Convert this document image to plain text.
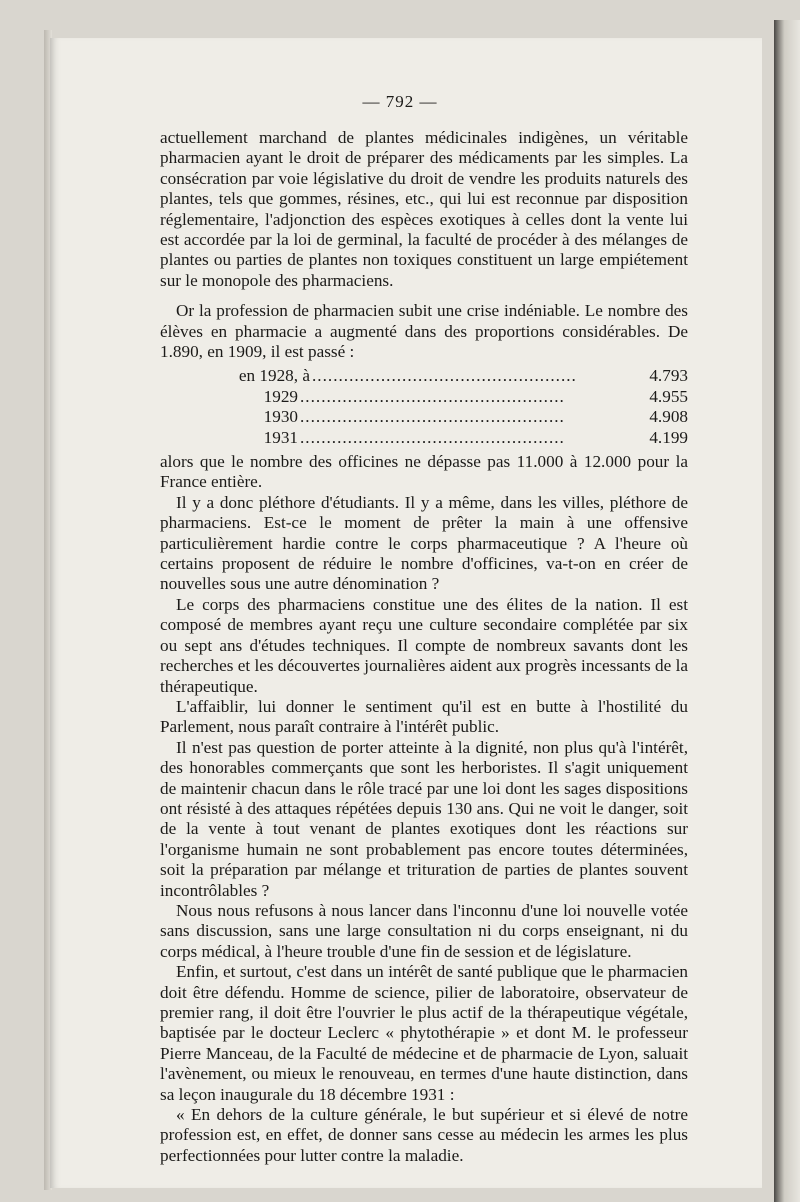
— 792 —

actuellement marchand de plantes médicinales indigènes, un véritable pharmacien ayant le droit de préparer des médicaments par les simples. La consécration par voie législative du droit de vendre les produits naturels des plantes, tels que gommes, résines, etc., qui lui est reconnue par disposition réglementaire, l'adjonction des espèces exotiques à celles dont la vente lui est accordée par la loi de germinal, la faculté de procéder à des mélanges de plantes ou parties de plantes non toxiques constituent un large empiétement sur le monopole des pharmaciens.

Or la profession de pharmacien subit une crise indéniable. Le nombre des élèves en pharmacie a augmenté dans des proportions considérables. De 1.890, en 1909, il est passé :

en 1928, à ..................................................	4.793
1929 ..................................................	4.955
1930 ..................................................	4.908
1931 ..................................................	4.199

alors que le nombre des officines ne dépasse pas 11.000 à 12.000 pour la France entière.

Il y a donc pléthore d'étudiants. Il y a même, dans les villes, pléthore de pharmaciens. Est-ce le moment de prêter la main à une offensive particulièrement hardie contre le corps pharmaceutique ? A l'heure où certains proposent de réduire le nombre d'officines, va-t-on en créer de nouvelles sous une autre dénomination ?

Le corps des pharmaciens constitue une des élites de la nation. Il est composé de membres ayant reçu une culture secondaire complétée par six ou sept ans d'études techniques. Il compte de nombreux savants dont les recherches et les découvertes journalières aident aux progrès incessants de la thérapeutique.

L'affaiblir, lui donner le sentiment qu'il est en butte à l'hostilité du Parlement, nous paraît contraire à l'intérêt public.

Il n'est pas question de porter atteinte à la dignité, non plus qu'à l'intérêt, des honorables commerçants que sont les herboristes. Il s'agit uniquement de maintenir chacun dans le rôle tracé par une loi dont les sages dispositions ont résisté à des attaques répétées depuis 130 ans. Qui ne voit le danger, soit de la vente à tout venant de plantes exotiques dont les réactions sur l'organisme humain ne sont probablement pas encore toutes déterminées, soit la préparation par mélange et trituration de parties de plantes souvent incontrôlables ?

Nous nous refusons à nous lancer dans l'inconnu d'une loi nouvelle votée sans discussion, sans une large consultation ni du corps enseignant, ni du corps médical, à l'heure trouble d'une fin de session et de législature.

Enfin, et surtout, c'est dans un intérêt de santé publique que le pharmacien doit être défendu. Homme de science, pilier de laboratoire, observateur de premier rang, il doit être l'ouvrier le plus actif de la thérapeutique végétale, baptisée par le docteur Leclerc « phytothérapie » et dont M. le professeur Pierre Manceau, de la Faculté de médecine et de pharmacie de Lyon, saluait l'avènement, ou mieux le renouveau, en termes d'une haute distinction, dans sa leçon inaugurale du 18 décembre 1931 :

« En dehors de la culture générale, le but supérieur et si élevé de notre profession est, en effet, de donner sans cesse au médecin les armes les plus perfectionnées pour lutter contre la maladie.
